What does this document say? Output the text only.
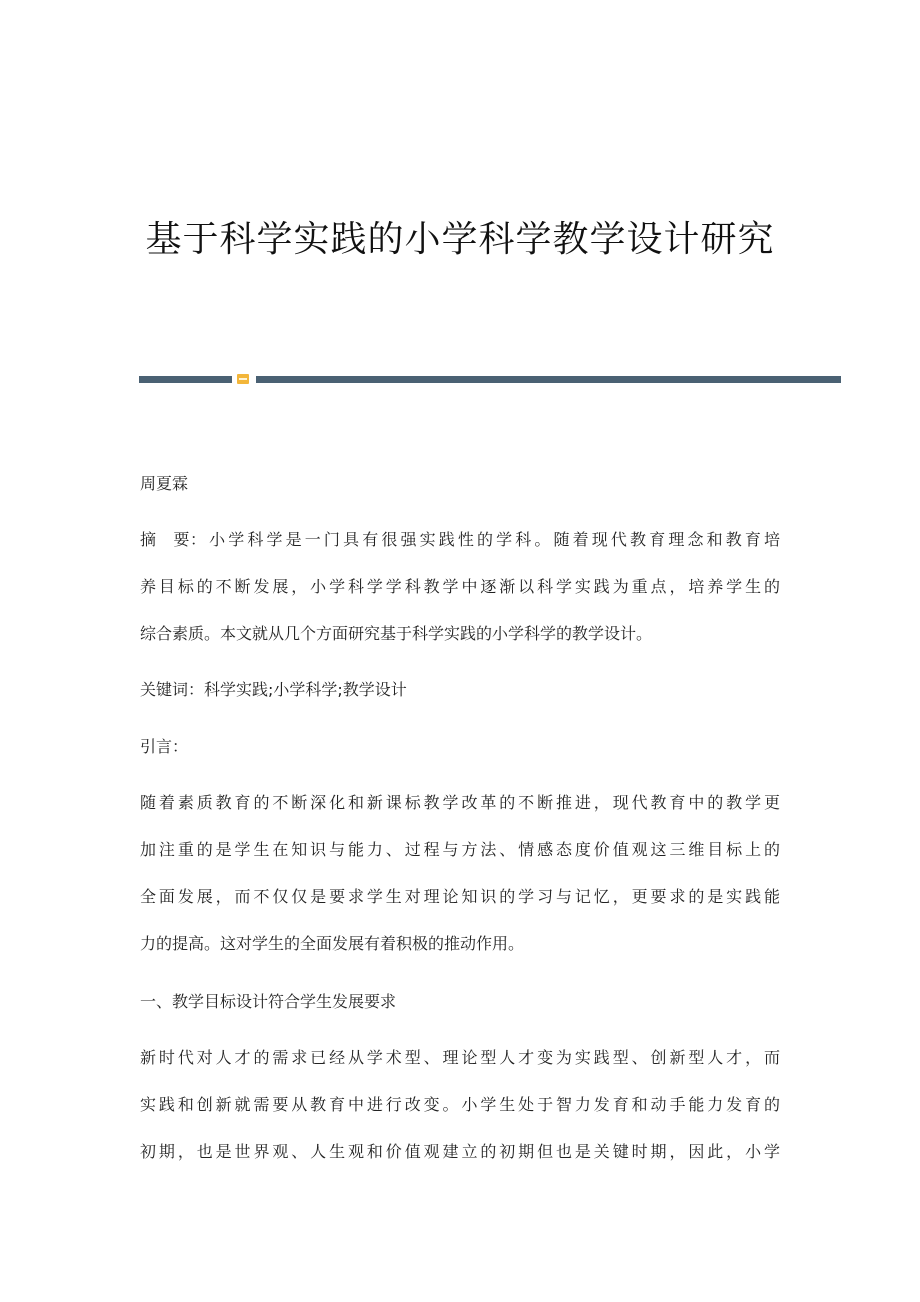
基于科学实践的小学科学教学设计研究
周夏霖
摘　要：小学科学是一门具有很强实践性的学科。随着现代教育理念和教育培
养目标的不断发展，小学科学学科教学中逐渐以科学实践为重点，培养学生的
综合素质。本文就从几个方面研究基于科学实践的小学科学的教学设计。
关键词：科学实践;小学科学;教学设计
引言：
随着素质教育的不断深化和新课标教学改革的不断推进，现代教育中的教学更
加注重的是学生在知识与能力、过程与方法、情感态度价值观这三维目标上的
全面发展，而不仅仅是要求学生对理论知识的学习与记忆，更要求的是实践能
力的提高。这对学生的全面发展有着积极的推动作用。
一、教学目标设计符合学生发展要求
新时代对人才的需求已经从学术型、理论型人才变为实践型、创新型人才，而
实践和创新就需要从教育中进行改变。小学生处于智力发育和动手能力发育的
初期，也是世界观、人生观和价值观建立的初期但也是关键时期，因此，小学
